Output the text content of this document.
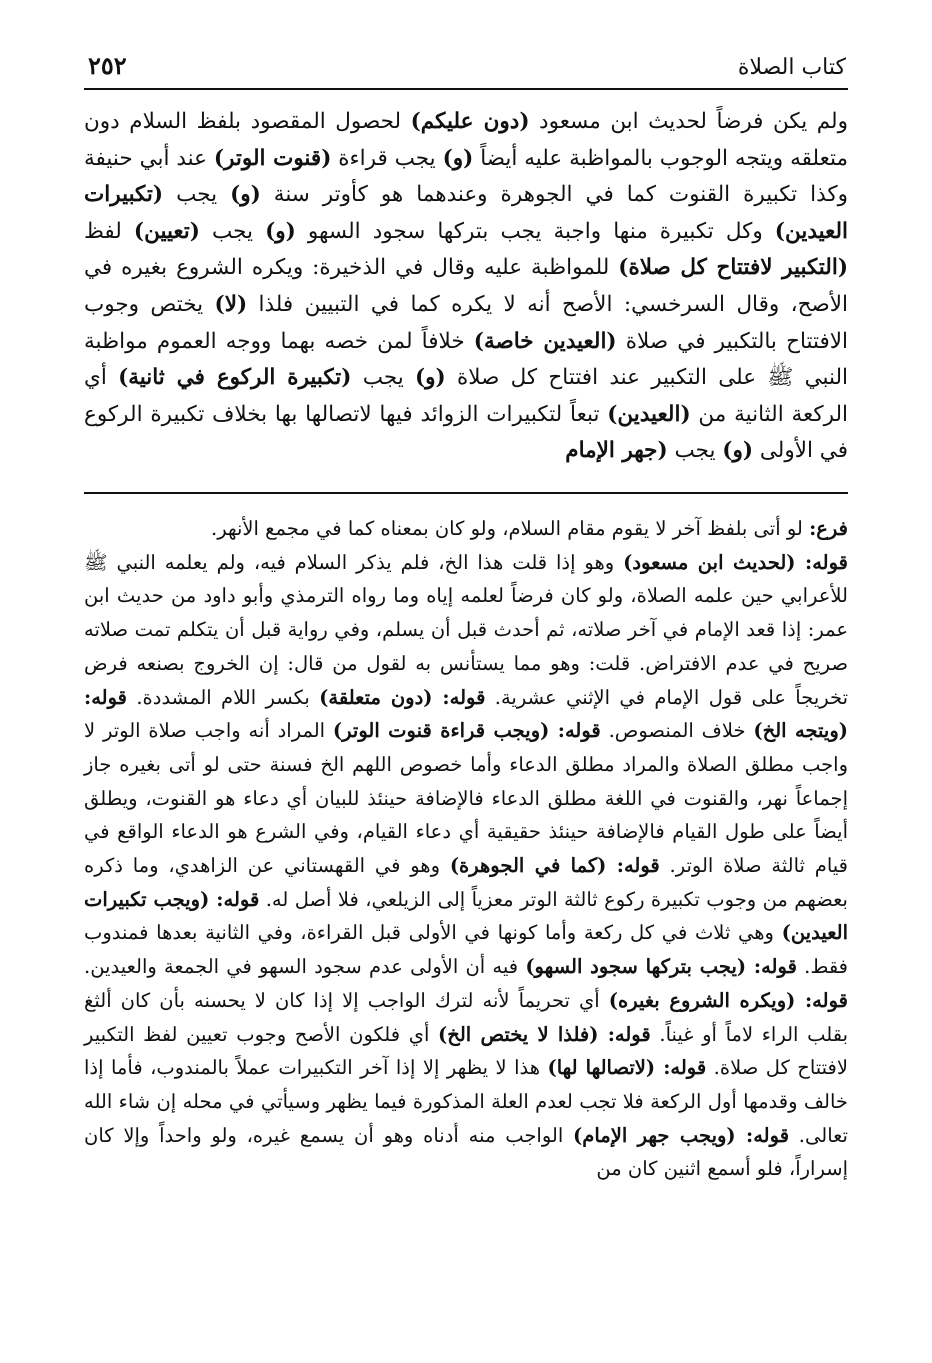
كتاب الصلاة
٢٥٢

ولم يكن فرضاً لحديث ابن مسعود (دون عليكم) لحصول المقصود بلفظ السلام دون متعلقه ويتجه الوجوب بالمواظبة عليه أيضاً (و) يجب قراءة (قنوت الوتر) عند أبي حنيفة وكذا تكبيرة القنوت كما في الجوهرة وعندهما هو كأوتر سنة (و) يجب (تكبيرات العيدين) وكل تكبيرة منها واجبة يجب بتركها سجود السهو (و) يجب (تعيين) لفظ (التكبير لافتتاح كل صلاة) للمواظبة عليه وقال في الذخيرة: ويكره الشروع بغيره في الأصح، وقال السرخسي: الأصح أنه لا يكره كما في التبيين فلذا (لا) يختص وجوب الافتتاح بالتكبير في صلاة (العيدين خاصة) خلافاً لمن خصه بهما ووجه العموم مواظبة النبي ﷺ على التكبير عند افتتاح كل صلاة (و) يجب (تكبيرة الركوع في ثانية) أي الركعة الثانية من (العيدين) تبعاً لتكبيرات الزوائد فيها لاتصالها بها بخلاف تكبيرة الركوع في الأولى (و) يجب (جهر الإمام

فرع: لو أتى بلفظ آخر لا يقوم مقام السلام، ولو كان بمعناه كما في مجمع الأنهر.

قوله: (لحديث ابن مسعود) وهو إذا قلت هذا الخ، فلم يذكر السلام فيه، ولم يعلمه النبي ﷺ للأعرابي حين علمه الصلاة، ولو كان فرضاً لعلمه إياه وما رواه الترمذي وأبو داود من حديث ابن عمر: إذا قعد الإمام في آخر صلاته، ثم أحدث قبل أن يسلم، وفي رواية قبل أن يتكلم تمت صلاته صريح في عدم الافتراض. قلت: وهو مما يستأنس به لقول من قال: إن الخروج بصنعه فرض تخريجاً على قول الإمام في الإثني عشرية. قوله: (دون متعلقة) بكسر اللام المشددة. قوله: (ويتجه الخ) خلاف المنصوص. قوله: (ويجب قراءة قنوت الوتر) المراد أنه واجب صلاة الوتر لا واجب مطلق الصلاة والمراد مطلق الدعاء وأما خصوص اللهم الخ فسنة حتى لو أتى بغيره جاز إجماعاً نهر، والقنوت في اللغة مطلق الدعاء فالإضافة حينئذ للبيان أي دعاء هو القنوت، ويطلق أيضاً على طول القيام فالإضافة حينئذ حقيقية أي دعاء القيام، وفي الشرع هو الدعاء الواقع في قيام ثالثة صلاة الوتر. قوله: (كما في الجوهرة) وهو في القهستاني عن الزاهدي، وما ذكره بعضهم من وجوب تكبيرة ركوع ثالثة الوتر معزياً إلى الزيلعي، فلا أصل له. قوله: (ويجب تكبيرات العيدين) وهي ثلاث في كل ركعة وأما كونها في الأولى قبل القراءة، وفي الثانية بعدها فمندوب فقط. قوله: (يجب بتركها سجود السهو) فيه أن الأولى عدم سجود السهو في الجمعة والعيدين. قوله: (ويكره الشروع بغيره) أي تحريماً لأنه لترك الواجب إلا إذا كان لا يحسنه بأن كان ألثغ بقلب الراء لاماً أو غيناً. قوله: (فلذا لا يختص الخ) أي فلكون الأصح وجوب تعيين لفظ التكبير لافتتاح كل صلاة. قوله: (لاتصالها لها) هذا لا يظهر إلا إذا آخر التكبيرات عملاً بالمندوب، فأما إذا خالف وقدمها أول الركعة فلا تجب لعدم العلة المذكورة فيما يظهر وسيأتي في محله إن شاء الله تعالى. قوله: (ويجب جهر الإمام) الواجب منه أدناه وهو أن يسمع غيره، ولو واحداً وإلا كان إسراراً، فلو أسمع اثنين كان من
